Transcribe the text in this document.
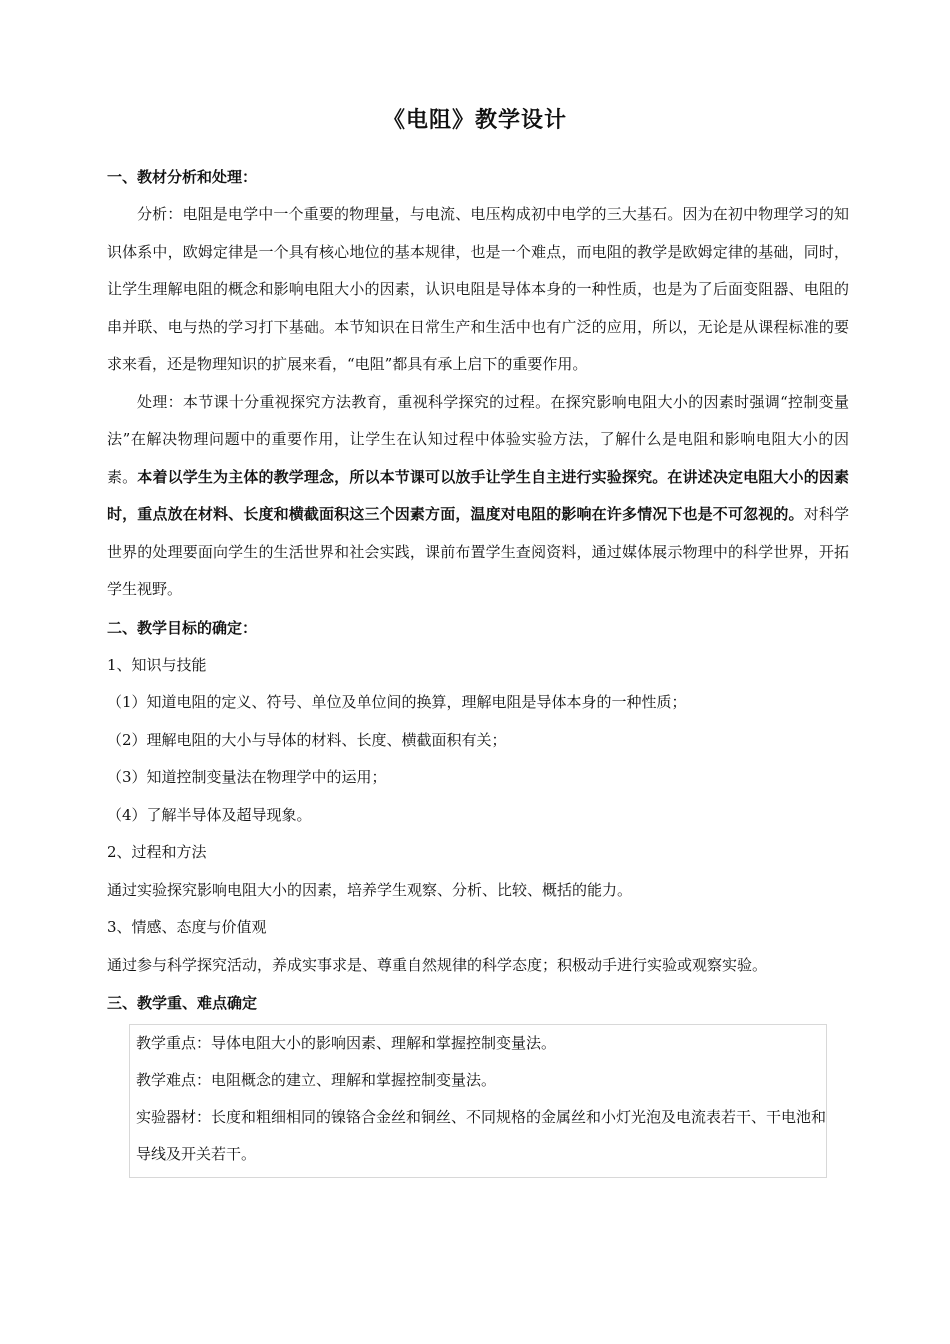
《电阻》教学设计

一、教材分析和处理：

分析：电阻是电学中一个重要的物理量，与电流、电压构成初中电学的三大基石。因为在初中物理学习的知识体系中，欧姆定律是一个具有核心地位的基本规律，也是一个难点，而电阻的教学是欧姆定律的基础，同时，让学生理解电阻的概念和影响电阻大小的因素，认识电阻是导体本身的一种性质，也是为了后面变阻器、电阻的串并联、电与热的学习打下基础。本节知识在日常生产和生活中也有广泛的应用，所以，无论是从课程标准的要求来看，还是物理知识的扩展来看，“电阻”都具有承上启下的重要作用。

处理：本节课十分重视探究方法教育，重视科学探究的过程。在探究影响电阻大小的因素时强调“控制变量法”在解决物理问题中的重要作用，让学生在认知过程中体验实验方法，了解什么是电阻和影响电阻大小的因素。本着以学生为主体的教学理念，所以本节课可以放手让学生自主进行实验探究。在讲述决定电阻大小的因素时，重点放在材料、长度和横截面积这三个因素方面，温度对电阻的影响在许多情况下也是不可忽视的。对科学世界的处理要面向学生的生活世界和社会实践，课前布置学生查阅资料，通过媒体展示物理中的科学世界，开拓学生视野。

二、教学目标的确定：

1、知识与技能

（1）知道电阻的定义、符号、单位及单位间的换算，理解电阻是导体本身的一种性质；

（2）理解电阻的大小与导体的材料、长度、横截面积有关；

（3）知道控制变量法在物理学中的运用；

（4）了解半导体及超导现象。

2、过程和方法

通过实验探究影响电阻大小的因素，培养学生观察、分析、比较、概括的能力。

3、情感、态度与价值观

通过参与科学探究活动，养成实事求是、尊重自然规律的科学态度；积极动手进行实验或观察实验。

三、教学重、难点确定

教学重点：导体电阻大小的影响因素、理解和掌握控制变量法。

教学难点：电阻概念的建立、理解和掌握控制变量法。

实验器材：长度和粗细相同的镍铬合金丝和铜丝、不同规格的金属丝和小灯光泡及电流表若干、干电池和导线及开关若干。
